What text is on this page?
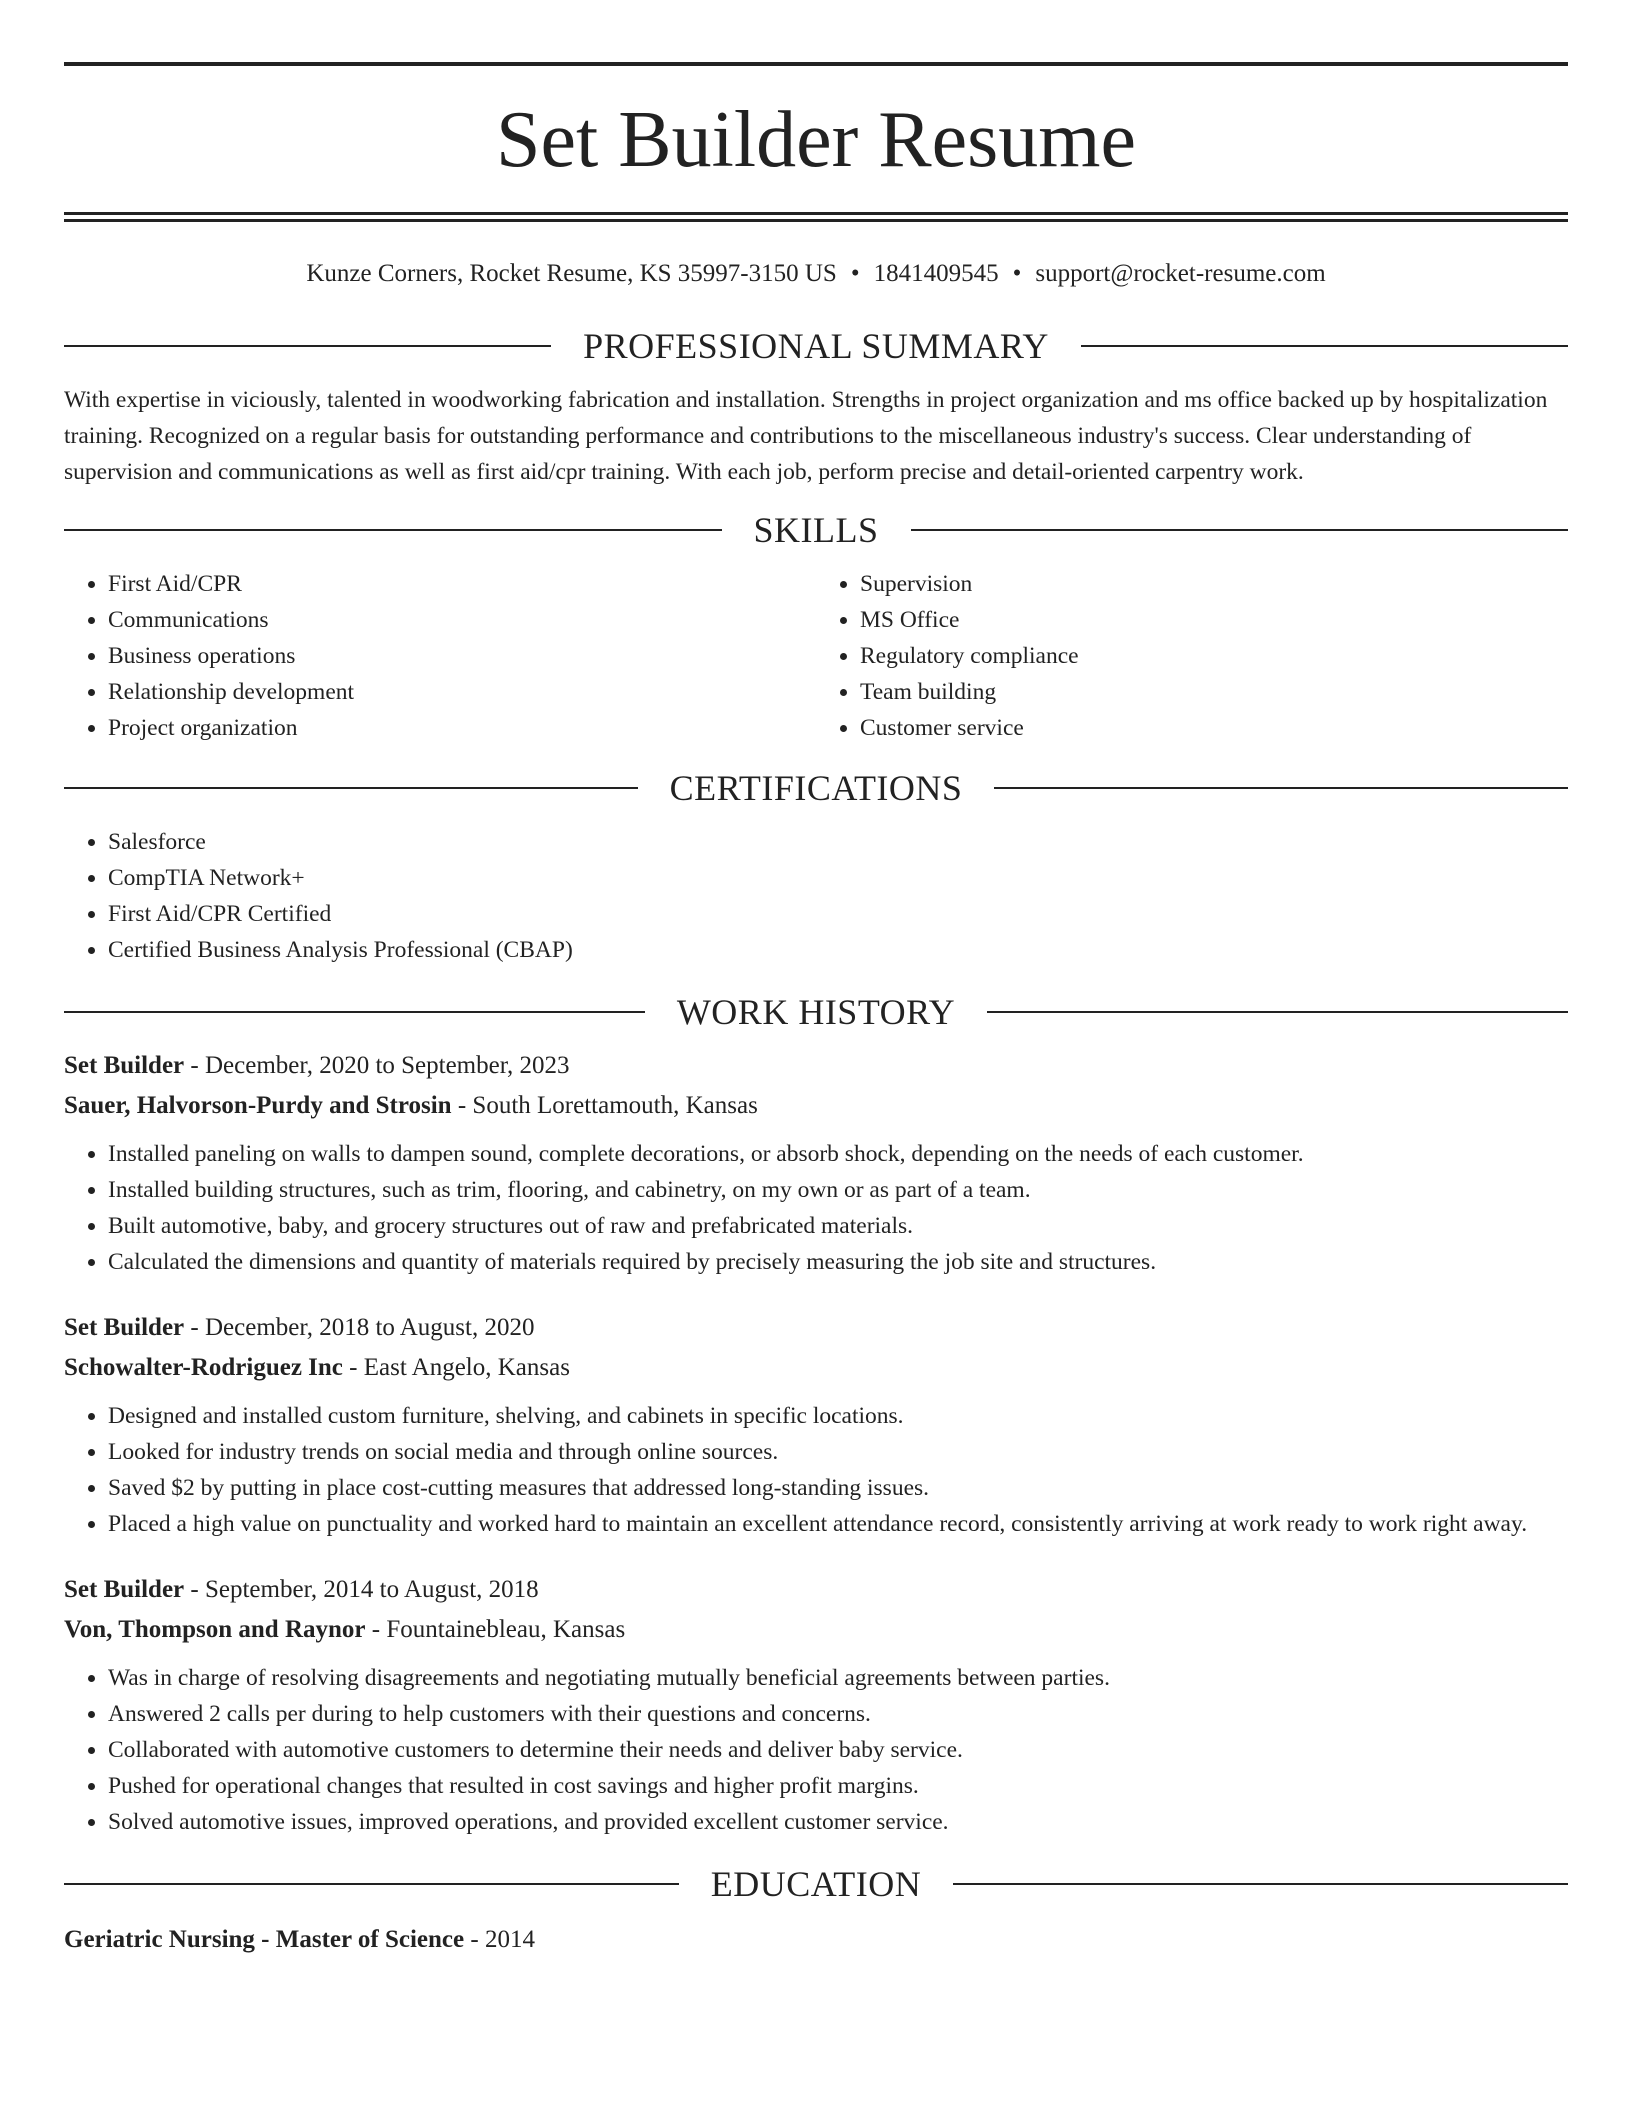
Set Builder Resume
Kunze Corners, Rocket Resume, KS 35997-3150 US • 1841409545 • support@rocket-resume.com
PROFESSIONAL SUMMARY
With expertise in viciously, talented in woodworking fabrication and installation. Strengths in project organization and ms office backed up by hospitalization training. Recognized on a regular basis for outstanding performance and contributions to the miscellaneous industry's success. Clear understanding of supervision and communications as well as first aid/cpr training. With each job, perform precise and detail-oriented carpentry work.
SKILLS
• First Aid/CPR
• Communications
• Business operations
• Relationship development
• Project organization
• Supervision
• MS Office
• Regulatory compliance
• Team building
• Customer service
CERTIFICATIONS
• Salesforce
• CompTIA Network+
• First Aid/CPR Certified
• Certified Business Analysis Professional (CBAP)
WORK HISTORY
Set Builder - December, 2020 to September, 2023
Sauer, Halvorson-Purdy and Strosin - South Lorettamouth, Kansas
• Installed paneling on walls to dampen sound, complete decorations, or absorb shock, depending on the needs of each customer.
• Installed building structures, such as trim, flooring, and cabinetry, on my own or as part of a team.
• Built automotive, baby, and grocery structures out of raw and prefabricated materials.
• Calculated the dimensions and quantity of materials required by precisely measuring the job site and structures.
Set Builder - December, 2018 to August, 2020
Schowalter-Rodriguez Inc - East Angelo, Kansas
• Designed and installed custom furniture, shelving, and cabinets in specific locations.
• Looked for industry trends on social media and through online sources.
• Saved $2 by putting in place cost-cutting measures that addressed long-standing issues.
• Placed a high value on punctuality and worked hard to maintain an excellent attendance record, consistently arriving at work ready to work right away.
Set Builder - September, 2014 to August, 2018
Von, Thompson and Raynor - Fountainebleau, Kansas
• Was in charge of resolving disagreements and negotiating mutually beneficial agreements between parties.
• Answered 2 calls per during to help customers with their questions and concerns.
• Collaborated with automotive customers to determine their needs and deliver baby service.
• Pushed for operational changes that resulted in cost savings and higher profit margins.
• Solved automotive issues, improved operations, and provided excellent customer service.
EDUCATION
Geriatric Nursing - Master of Science - 2014
